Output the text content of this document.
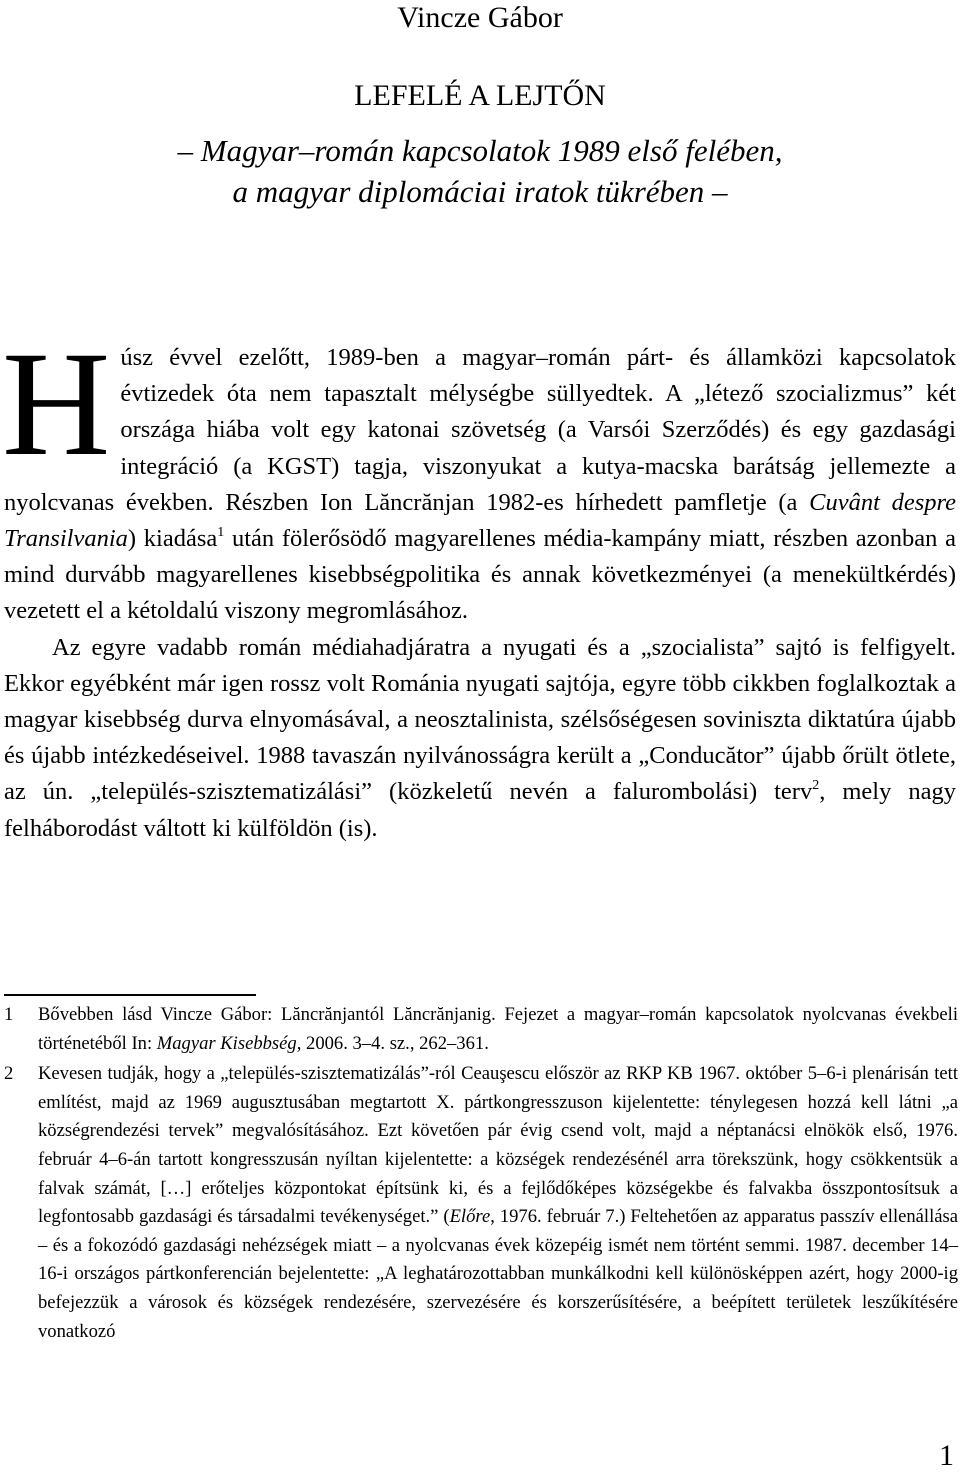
Vincze Gábor
LEFELÉ A LEJTŐN
– Magyar–román kapcsolatok 1989 első felében,
a magyar diplomáciai iratok tükrében –

Húsz évvel ezelőtt, 1989-ben a magyar–román párt- és államközi kapcsolatok évtizedek óta nem tapasztalt mélységbe süllyedtek. A „létező szocializmus” két országa hiába volt egy katonai szövetség (a Varsói Szerződés) és egy gazdasági integráció (a KGST) tagja, viszonyukat a kutya-macska barátság jellemezte a nyolcvanas években. Részben Ion Lăncrănjan 1982-es hírhedett pamfletje (a Cuvânt despre Transilvania) kiadása$^1$ után fölerősödő magyarellenes média-kampány miatt, részben azonban a mind durvább magyarellenes kisebbségpolitika és annak következményei (a menekültkérdés) vezetett el a kétoldalú viszony megromlásához.

Az egyre vadabb román médiahadjáratra a nyugati és a „szocialista” sajtó is felfigyelt. Ekkor egyébként már igen rossz volt Románia nyugati sajtója, egyre több cikkben foglalkoztak a magyar kisebbség durva elnyomásával, a neosztalinista, szélsőségesen soviniszta diktatúra újabb és újabb intézkedéseivel. 1988 tavaszán nyilvánosságra került a „Conducător” újabb őrült ötlete, az ún. „település-szisztematizálási” (közkeletű nevén a falurombolási) terv$^2$, mely nagy felháborodást váltott ki külföldön (is).

1 Bővebben lásd Vincze Gábor: Lăncrănjantól Lăncrănjanig. Fejezet a magyar–román kapcsolatok nyolcvanas évekbeli történetéből In: Magyar Kisebbség, 2006. 3–4. sz., 262–361.
2 Kevesen tudják, hogy a „település-szisztematizálás”-ról Ceauşescu először az RKP KB 1967. október 5–6-i plenárisán tett említést, majd az 1969 augusztusában megtartott X. pártkongresszuson kijelentette: ténylegesen hozzá kell látni „a községrendezési tervek” megvalósításához. Ezt követően pár évig csend volt, majd a néptanácsi elnökök első, 1976. február 4–6-án tartott kongresszusán nyíltan kijelentette: a községek rendezésénél arra törekszünk, hogy csökkentsük a falvak számát, […] erőteljes központokat építsünk ki, és a fejlődőképes községekbe és falvakba összpontosítsuk a legfontosabb gazdasági és társadalmi tevékenységet.” (Előre, 1976. február 7.) Feltehetően az apparatus passzív ellenállása – és a fokozódó gazdasági nehézségek miatt – a nyolcvanas évek közepéig ismét nem történt semmi. 1987. december 14–16-i országos pártkonferencián bejelentette: „A leghatározottabban munkálkodni kell különösképpen azért, hogy 2000-ig befejezzük a városok és községek rendezésére, szervezésére és korszerűsítésére, a beépített területek leszűkítésére vonatkozó
1
